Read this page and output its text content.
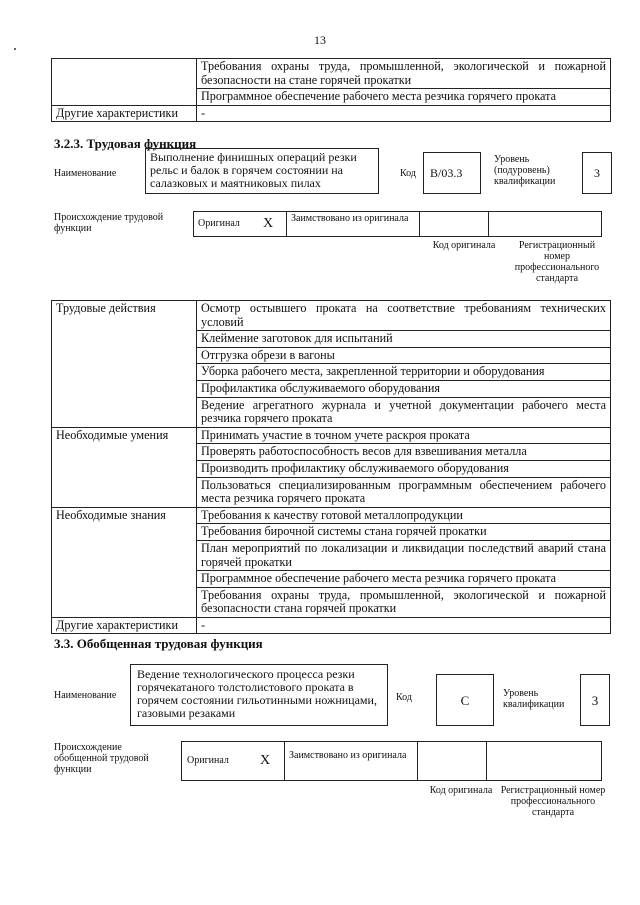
13
	Требования охраны труда, промышленной, экологической и пожарной безопасности на стане горячей прокатки
	Программное обеспечение рабочего места резчика горячего проката
Другие характеристики	-
3.2.3. Трудовая функция
Наименование
Выполнение финишных операций резки рельс и балок в горячем состоянии на салазковых и маятниковых пилах
Код	B/03.3
Уровень (подуровень) квалификации
3
Происхождение трудовой функции	Оригинал	X	Заимствовано из оригинала		
Код оригинала	Регистрационный номер профессионального стандарта
Трудовые действия	Осмотр остывшего проката на соответствие требованиям технических условий
	Клеймение заготовок для испытаний
	Отгрузка обрези в вагоны
	Уборка рабочего места, закрепленной территории и оборудования
	Профилактика обслуживаемого оборудования
	Ведение агрегатного журнала и учетной документации рабочего места резчика горячего проката
Необходимые умения	Принимать участие в точном учете раскроя проката
	Проверять работоспособность весов для взвешивания металла
	Производить профилактику обслуживаемого оборудования
	Пользоваться специализированным программным обеспечением рабочего места резчика горячего проката
Необходимые знания	Требования к качеству готовой металлопродукции
	Требования бирочной системы стана горячей прокатки
	План мероприятий по локализации и ликвидации последствий аварий стана горячей прокатки
	Программное обеспечение рабочего места резчика горячего проката
	Требования охраны труда, промышленной, экологической и пожарной безопасности стана горячей прокатки
Другие характеристики	-
3.3. Обобщенная трудовая функция
Наименование
Ведение технологического процесса резки горячекатаного толстолистового проката в горячем состоянии гильотинными ножницами, газовыми резаками
Код	C	Уровень квалификации	3
Происхождение обобщенной трудовой функции
Оригинал	X	Заимствовано из оригинала		
Код оригинала Регистрационный номер профессионального стандарта
